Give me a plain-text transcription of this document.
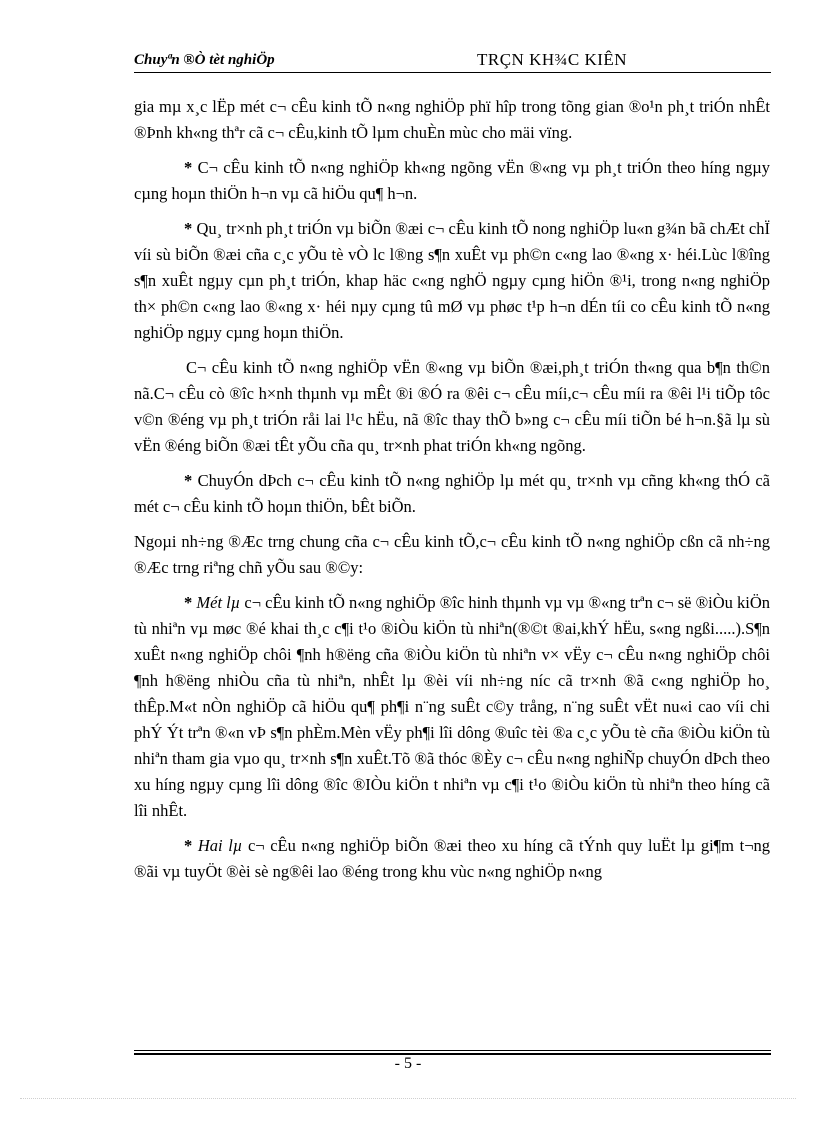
Chuyªn ®Ò tèt nghiÖp	TRÇN KH¾C KIÊN

gia mµ x¸c lËp mét c¬ cÊu kinh tÕ n«ng nghiÖp phï hîp trong tõng gian ®o¹n ph¸t triÓn nhÊt ®Þnh kh«ng thªr cã c¬ cÊu,kinh tÕ lµm chuÈn mùc cho mäi vïng.

* C¬ cÊu kinh tÕ n«ng nghiÖp kh«ng ngõng vËn ®«ng vµ ph¸t triÓn theo híng ngµy cµng hoµn thiÖn h¬n vµ cã hiÖu qu¶ h¬n.

* Qu¸ tr×nh ph¸t triÓn vµ biÕn ®æi c¬ cÊu kinh tÕ nong nghiÖp lu«n g¾n bã chÆt chÏ víi sù biÕn ®æi cña c¸c yÕu tè vÒ lc l®ng s¶n xuÊt vµ ph©n c«ng lao ®«ng x· héi.Lùc l®îng s¶n xuÊt ngµy cµn ph¸t triÓn, khap häc c«ng nghÖ ngµy cµng hiÖn ®¹i, trong n«ng nghiÖp th× ph©n c«ng lao ®«ng x· héi nµy cµng tû mØ vµ phøc t¹p h¬n dÉn tíi co cÊu kinh tÕ n«ng nghiÖp ngµy cµng hoµn thiÖn.

C¬ cÊu kinh tÕ n«ng nghiÖp vËn ®«ng vµ biÕn ®æi,ph¸t triÓn th«ng qua b¶n th©n nã.C¬ cÊu cò ®îc h×nh thµnh vµ mÊt ®i ®Ó ra ®êi c¬ cÊu míi,c¬ cÊu míi ra ®êi l¹i tiÕp tôc v©n ®éng vµ ph¸t triÓn råi lai l¹c hËu, nã ®îc thay thÕ b»ng c¬ cÊu míi tiÕn bé h¬n.§ã lµ sù vËn ®éng biÕn ®æi tÊt yÕu cña qu¸ tr×nh phat triÓn kh«ng ngõng.

* ChuyÓn dÞch c¬ cÊu kinh tÕ n«ng nghiÖp lµ mét qu¸ tr×nh vµ cñng kh«ng thÓ cã mét c¬ cÊu kinh tÕ hoµn thiÖn, bÊt biÕn.

Ngoµi nh÷ng ®Æc trng chung cña c¬ cÊu kinh tÕ,c¬ cÊu kinh tÕ n«ng nghiÖp cßn cã nh÷ng ®Æc trng riªng chñ yÕu sau ®©y:

* Mét lµ c¬ cÊu kinh tÕ n«ng nghiÖp ®îc hinh thµnh vµ vµ ®«ng trªn c¬ së ®iÒu kiÖn tù nhiªn vµ møc ®é khai th¸c c¶i t¹o ®iÒu kiÖn tù nhiªn(®©t ®ai,khÝ hËu, s«ng ngßi.....).S¶n xuÊt n«ng nghiÖp chôi ¶nh h®ëng cña ®iÒu kiÖn tù nhiªn v× vËy c¬ cÊu n«ng nghiÖp chôi ¶nh h®ëng nhiÒu cña tù nhiªn, nhÊt lµ ®èi víi nh÷ng níc cã tr×nh ®ã c«ng nghiÖp ho¸ thÊp.M«t nÒn nghiÖp cã hiÖu qu¶ ph¶i n¨ng suÊt c©y trång, n¨ng suÊt vËt nu«i cao víi chi phÝ Ýt trªn ®«n vÞ s¶n phÈm.Mèn vËy ph¶i lîi dông ®uîc tèi ®a c¸c yÕu tè cña ®iÒu kiÖn tù nhiªn tham gia vµo qu¸ tr×nh s¶n xuÊt.Tõ ®ã thóc ®Èy c¬ cÊu n«ng nghiÑp chuyÓn dÞch theo xu híng ngµy cµng lîi dông ®îc ®IÒu kiÖn t nhiªn vµ c¶i t¹o ®iÒu kiÖn tù nhiªn theo híng cã lîi nhÊt.

* Hai lµ c¬ cÊu n«ng nghiÖp biÕn ®æi theo xu híng cã tÝnh quy luËt lµ gi¶m t¬ng ®ãi vµ tuyÖt ®èi sè ng®êi lao ®éng trong khu vùc n«ng nghiÖp n«ng

- 5 -
